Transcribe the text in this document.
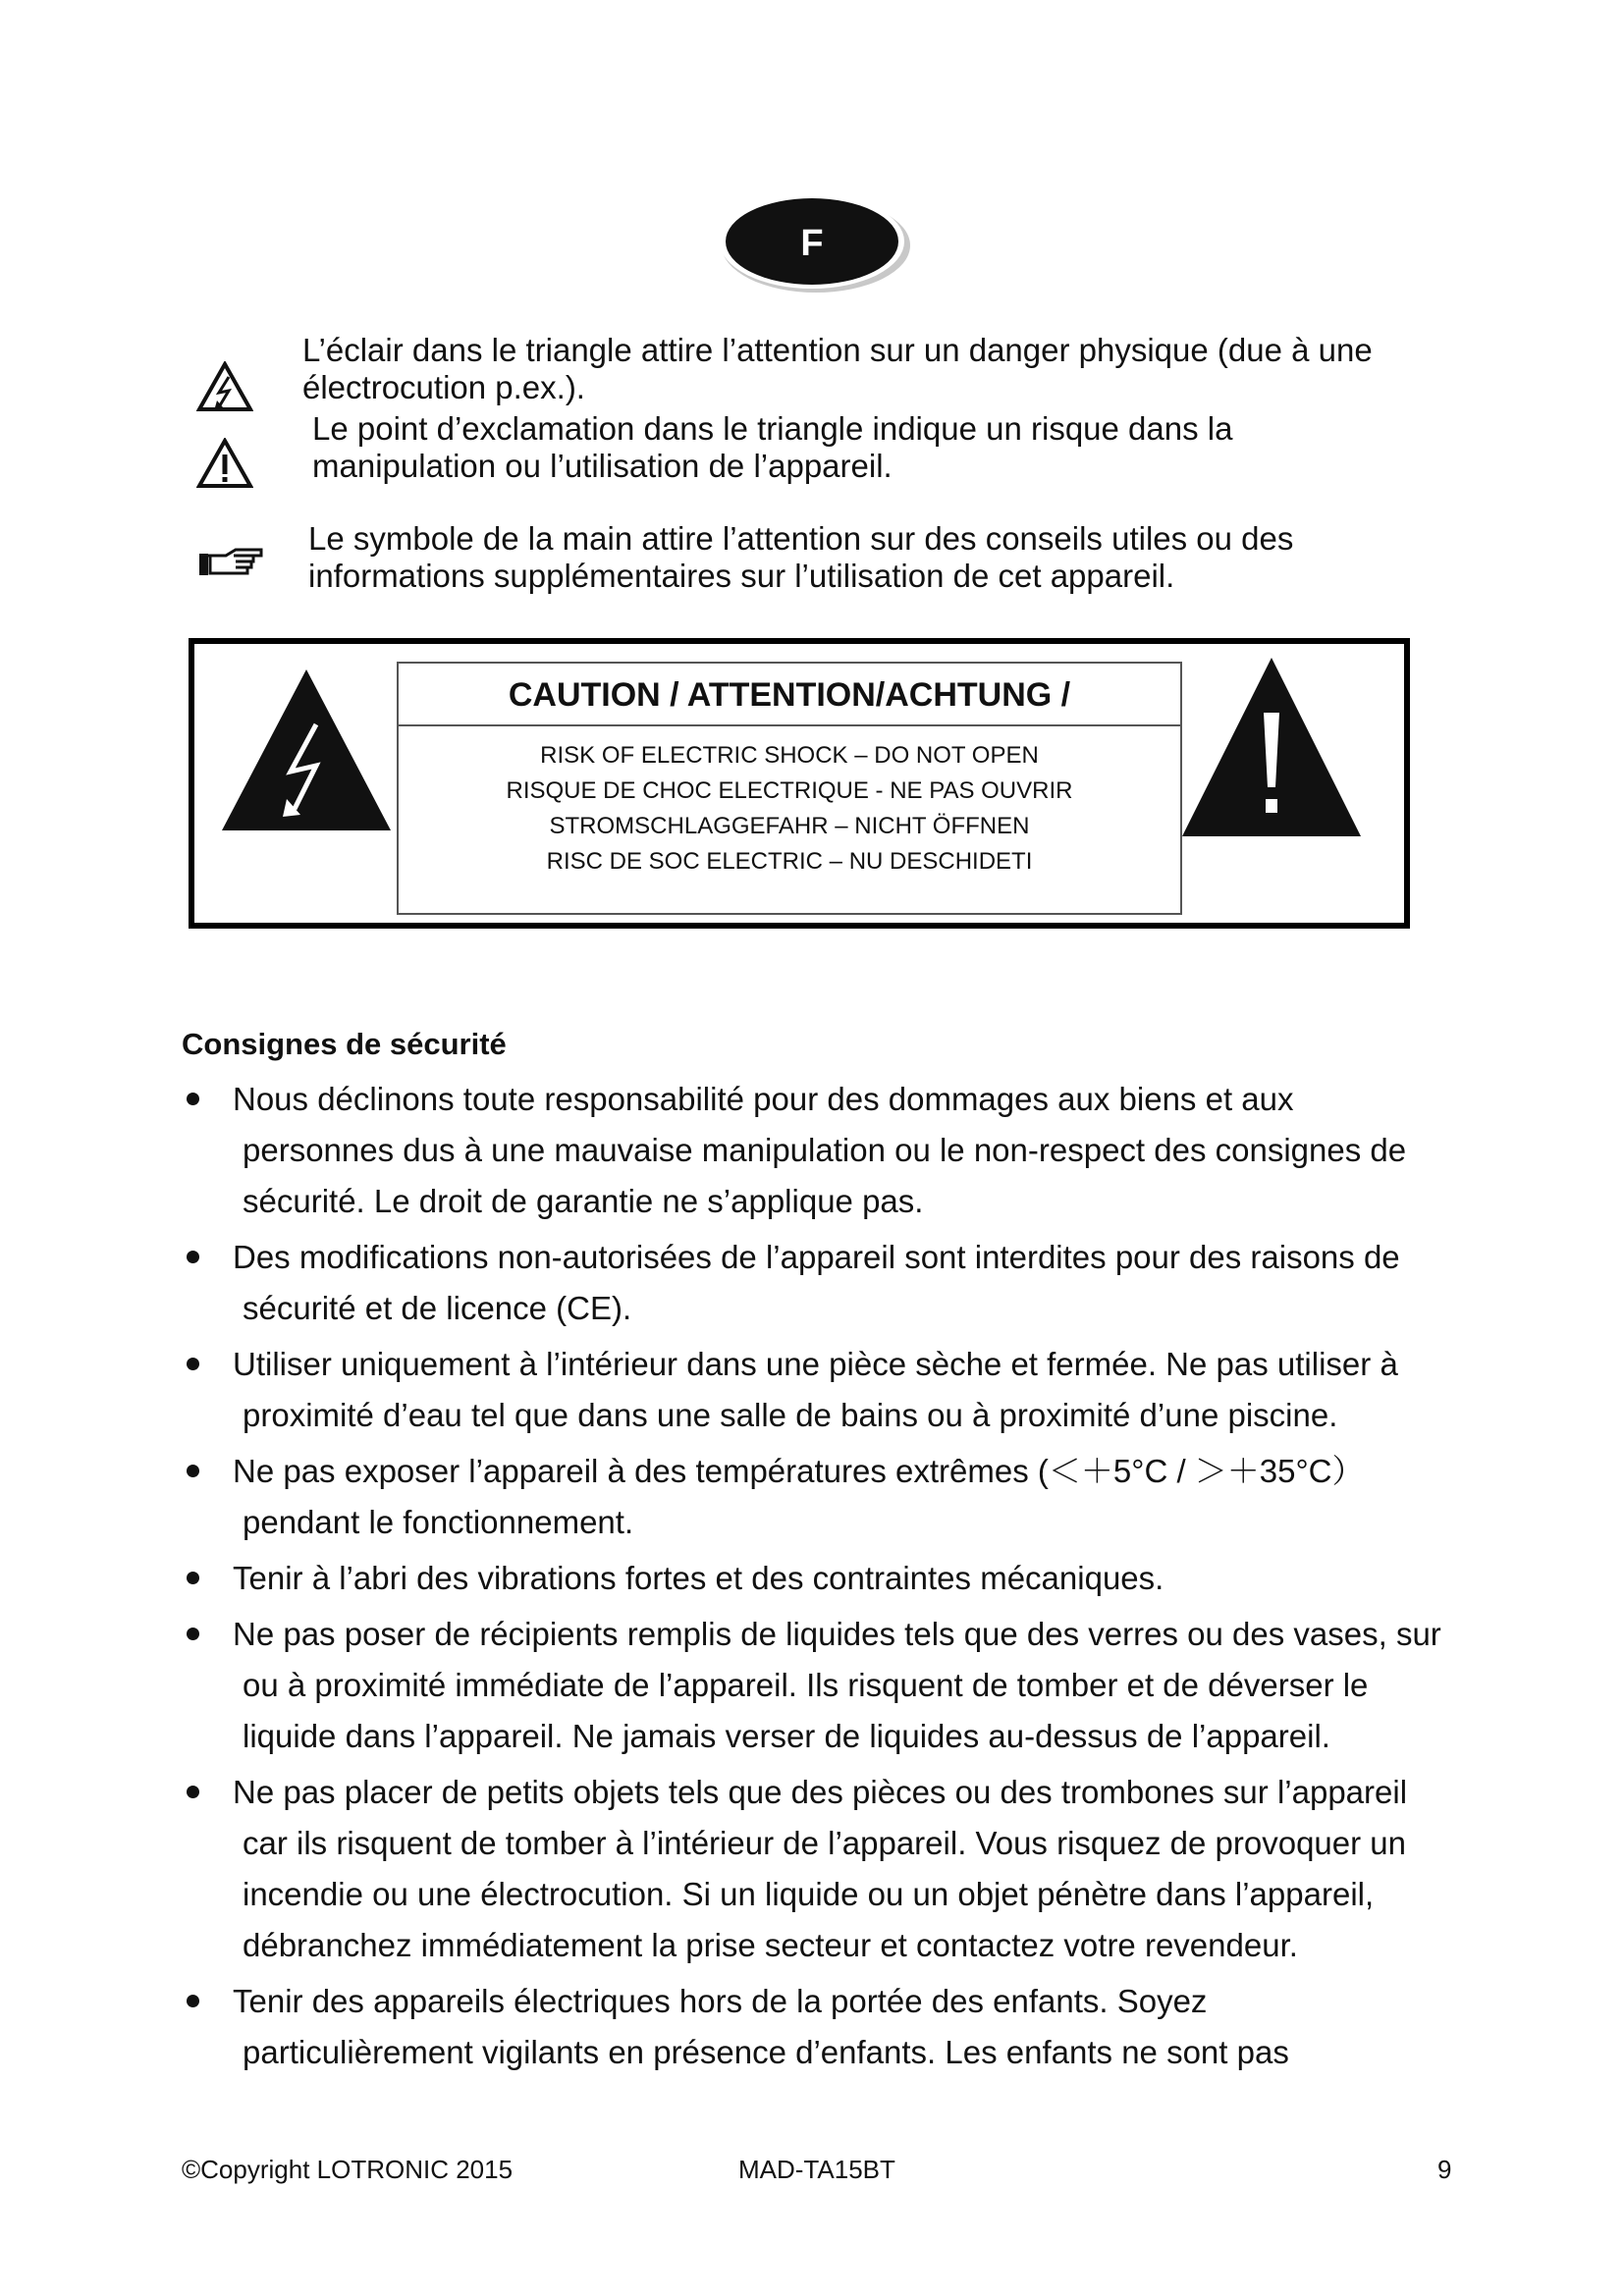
F
L’éclair dans le triangle attire l’attention sur un danger physique (due à une
électrocution p.ex.).
Le point d’exclamation dans le triangle indique un risque dans la
manipulation ou l’utilisation de l’appareil.
Le symbole de la main attire l’attention sur des conseils utiles ou des
informations supplémentaires sur l’utilisation de cet appareil.
CAUTION / ATTENTION/ACHTUNG /
RISK OF ELECTRIC SHOCK – DO NOT OPEN
RISQUE DE CHOC ELECTRIQUE - NE PAS OUVRIR
STROMSCHLAGGEFAHR – NICHT ÖFFNEN
RISC DE SOC ELECTRIC – NU DESCHIDETI
Consignes de sécurité
Nous déclinons toute responsabilité pour des dommages aux biens et aux
personnes dus à une mauvaise manipulation ou le non-respect des consignes de
sécurité. Le droit de garantie ne s’applique pas.
Des modifications non-autorisées de l’appareil sont interdites pour des raisons de
sécurité et de licence (CE).
Utiliser uniquement à l’intérieur dans une pièce sèche et fermée. Ne pas utiliser à
proximité d’eau tel que dans une salle de bains ou à proximité d’une piscine.
Ne pas exposer l’appareil à des températures extrêmes (＜＋5°C / ＞＋35°C）
pendant le fonctionnement.
Tenir à l’abri des vibrations fortes et des contraintes mécaniques.
Ne pas poser de récipients remplis de liquides tels que des verres ou des vases, sur
ou à proximité immédiate de l’appareil. Ils risquent de tomber et de déverser le
liquide dans l’appareil. Ne jamais verser de liquides au-dessus de l’appareil.
Ne pas placer de petits objets tels que des pièces ou des trombones sur l’appareil
car ils risquent de tomber à l’intérieur de l’appareil. Vous risquez de provoquer un
incendie ou une électrocution. Si un liquide ou un objet pénètre dans l’appareil,
débranchez immédiatement la prise secteur et contactez votre revendeur.
Tenir des appareils électriques hors de la portée des enfants. Soyez
particulièrement vigilants en présence d’enfants. Les enfants ne sont pas
©Copyright LOTRONIC 2015	MAD-TA15BT	9
